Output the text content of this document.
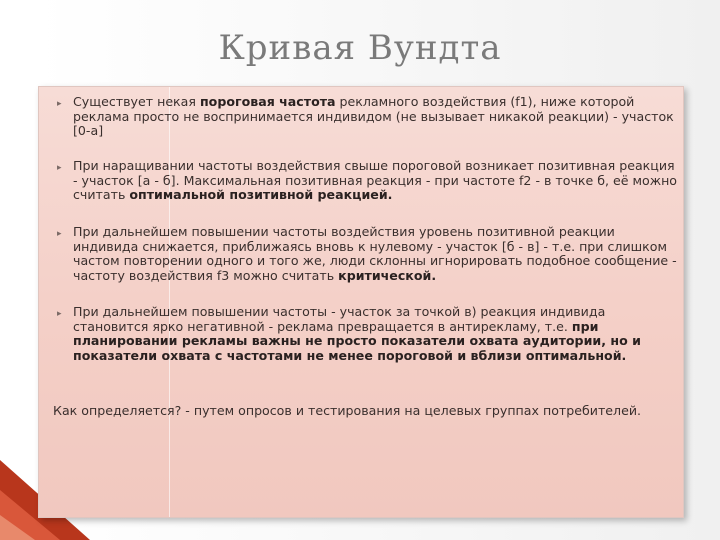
Кривая Вундта
▸ Существует некая пороговая частота рекламного воздействия (f1), ниже которой реклама просто не воспринимается индивидом (не вызывает никакой реакции) - участок [0-а]
▸ При наращивании частоты воздействия свыше пороговой возникает позитивная реакция - участок [а - б]. Максимальная позитивная реакция - при частоте f2 - в точке б, её можно считать оптимальной позитивной реакцией.
▸ При дальнейшем повышении частоты воздействия уровень позитивной реакции индивида снижается, приближаясь вновь к нулевому - участок [б - в] - т.е. при слишком частом повторении одного и того же, люди склонны игнорировать подобное сообщение - частоту воздействия f3 можно считать критической.
▸ При дальнейшем повышении частоты - участок за точкой в) реакция индивида становится ярко негативной - реклама превращается в антирекламу, т.е. при планировании рекламы важны не просто показатели охвата аудитории, но и показатели охвата с частотами не менее пороговой и вблизи оптимальной.
Как определяется? - путем опросов и тестирования на целевых группах потребителей.
